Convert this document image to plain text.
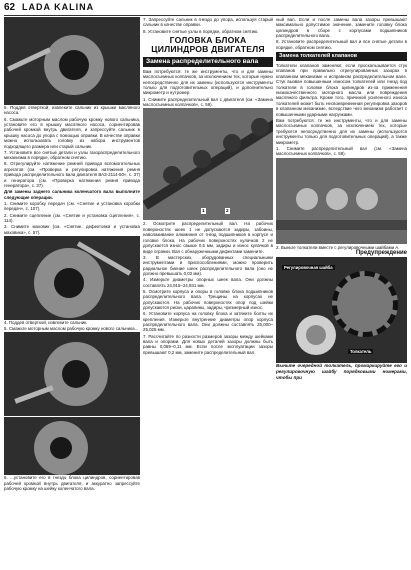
62 LADA KALINA

5. Поддев отверткой, извлеките сальник из крышки масляного насоса.

6. Смажьте моторным маслом рабочую кромку нового сальника, установите его в крышку масляного насоса, сориентировав рабочей кромкой внутрь двигателя, и запрессуйте сальник в крышку насоса до упора с помощью оправки. В качестве оправки можно использовать головку из набора инструментов подходящего размера или старый сальник.

7. Установите все снятые детали и узлы газораспределительного механизма в порядке, обратном снятию.

8. Отрегулируйте натяжение ремней привода вспомогательных агрегатов (см. «Проверка и регулировка натяжения ремня привода распределительного вала двигателя ВАЗ-2114-50», с. 37) и генератора (см. «Проверка натяжения ремня привода генератора», с. 37).

Для замены заднего сальника коленчатого вала выполните следующие операции.

1. Снимите коробку передач (см. «Снятие и установка коробки передач», с. 107).

2. Снимите сцепление (см. «Снятие и установка сцепления», с. 114).

3. Снимите маховик (см. «Снятие, дефектовка и установка маховика», с. 57).

4. Поддев отверткой, извлеките сальник.

5. Смажьте моторным маслом рабочую кромку нового сальника...

6. ...установите его в гнездо блока цилиндров, сориентировав рабочей кромкой внутрь двигателя, и аккуратно запрессуйте рабочую кромку на шейку коленчатого вала.

7. Запрессуйте сальник в гнездо до упора, используя старый сальник в качестве оправки.

8. Установите снятые узлы в порядке, обратном снятию.

ГОЛОВКА БЛОКА ЦИЛИНДРОВ ДВИГАТЕЛЯ
Замена распределительного вала

Вам потребуются: те же инструменты, что и для замены маслосъемных колпачков, за исключением тех, которые нужно непосредственно для их замены (используются инструменты только для подготовительных операций), и дополнительно микрометр и нутромер.

1. Снимите распределительный вал с двигателя (см. «Замена маслосъемных колпачков», с. 59).

1	2

2. Осмотрите распределительный вал. На рабочих поверхностях шеек 1 не допускаются задиры, забоины, наволакивание алюминия от гнезд подшипников в корпусе и головке блока. На рабочих поверхностях кулачков 2 не допускается износ свыше 0,5 мм, задиры и износ кулачков в виде огранки. Вал с обнаруженными дефектами замените.

3. В мастерских, оборудованных специальными инструментами и приспособлениями, можно проверить радиальное биение шеек распределительного вала (оно не должно превышать 0,02 мм).

4. Измерьте диаметры опорных шеек вала. Они должны составлять 24,915–24,931 мм.

5. Осмотрите корпуса и опоры в головке блока подшипников распределительного вала. Трещины на корпусах не допускаются. На рабочих поверхностях опор под шейки допускаются риски, царапины, задиры, чрезмерный износ.

6. Установите корпуса на головку блока и затяните болты их крепления. Измерьте внутренние диаметры опор корпуса распределительного вала. Они должны составлять 25,000–25,025 мм.

7. Рассчитайте по разности размеров зазоры между шейками вала и опорами. Для новых деталей зазоры должны быть равны 0,069–0,11 мм. Если после эксплуатации зазоры превышают 0,2 мм, замените распределительный вал.

ный вал. Если и после замены вала зазоры превышают максимально допустимое значение, замените головку блока цилиндров в сборе с корпусами подшипников распределительного вала.

8. Установите распределительный вал и все снятые детали в порядке, обратном снятию.

Замена толкателей клапанов

Толкатели клапанов заменяют, если проскальзывается стук клапанов при правильно отрегулированных зазорах в клапанном механизме и исправном распределительном вале. Стук вызван повышенным износом толкателей или гнезд под толкатели в головке блока цилиндров из-за применения низкокачественного моторного масла или повреждения масляного фильтра. Кроме того, причиной усиленного износа толкателей может быть несвоевременная регулировка зазоров в клапанном механизме, вследствие чего механизм работает с повышенными ударными нагрузками.

Вам потребуются: те же инструменты, что и для замены маслосъемных колпачков, за исключением тех, которые требуются непосредственно для их замены (используются инструменты только для подготовительных операций), а также микрометр.

1. Снимите распределительный вал (см. «Замена маслосъемных колпачков», с. 59).

2. Выньте толкатели вместе с регулировочными шайбами А.

Предупреждение
Регулировочная шайба
Толкатель

Выньте очередной толкатель, промаркируйте его и регулировочную шайбу порядковыми номерами, чтобы при
